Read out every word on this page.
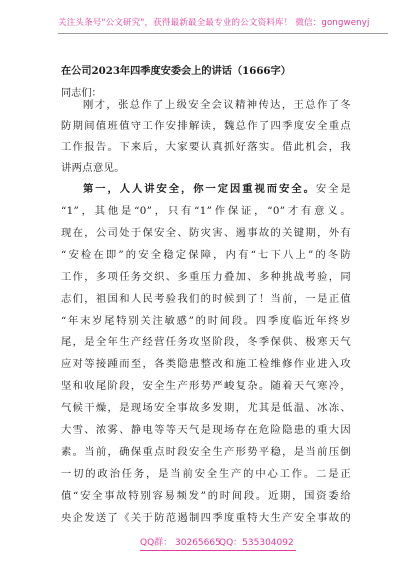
关注头条号"公文研究"，获得最新最全最专业的公文资料库！ 微信：gongwenyj
在公司2023年四季度安委会上的讲话（1666字）
同志们：
刚才，张总作了上级安全会议精神传达，王总作了冬
防期间值班值守工作安排解读，魏总作了四季度安全重点
工作报告。下来后，大家要认真抓好落实。借此机会，我
讲两点意见。
第一，人人讲安全，你一定因重视而安全。安全是
“1”，其他是“0”，只有“1”作保证，“0”才有意义。
现在，公司处于保安全、防灾害、遏事故的关键期，外有
“安检在即”的安全稳定保障，内有“七下八上”的冬防
工作，多项任务交织、多重压力叠加、多种挑战考验，同
志们，祖国和人民考验我们的时候到了！当前，一是正值
“年末岁尾特别关注敏感”的时间段。四季度临近年终岁
尾，是全年生产经营任务攻坚阶段，冬季保供、极寒天气
应对等接踵而至，各类隐患整改和施工检维修作业进入攻
坚和收尾阶段，安全生产形势严峻复杂。随着天气寒冷，
气候干燥，是现场安全事故多发期，尤其是低温、冰冻、
大雪、浓雾、静电等等天气是现场存在危险隐患的重大因
素。当前，确保重点时段安全生产形势平稳，是当前压倒
一切的政治任务，是当前安全生产的中心工作。二是正
值“安全事故特别容易频发”的时间段。近期，国资委给
央企发送了《关于防范遏制四季度重特大生产安全事故的
QQ群： 30265665
QQ：535304092
